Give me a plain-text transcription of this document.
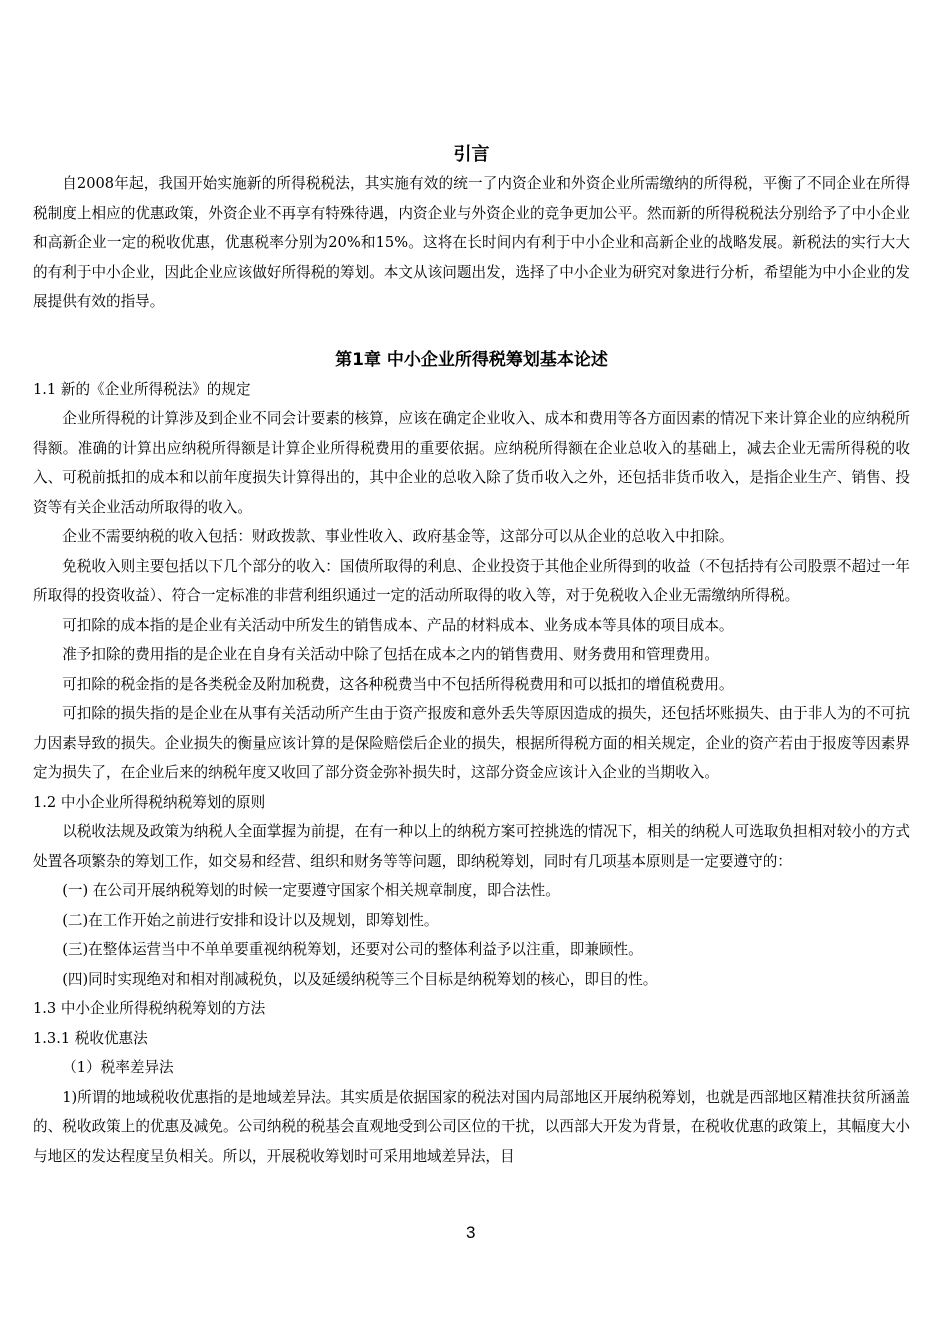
引言

自2008年起，我国开始实施新的所得税税法，其实施有效的统一了内资企业和外资企业所需缴纳的所得税，平衡了不同企业在所得税制度上相应的优惠政策，外资企业不再享有特殊待遇，内资企业与外资企业的竞争更加公平。然而新的所得税税法分别给予了中小企业和高新企业一定的税收优惠，优惠税率分别为20%和15%。这将在长时间内有利于中小企业和高新企业的战略发展。新税法的实行大大的有利于中小企业，因此企业应该做好所得税的筹划。本文从该问题出发，选择了中小企业为研究对象进行分析，希望能为中小企业的发展提供有效的指导。

第1章 中小企业所得税筹划基本论述
1.1 新的《企业所得税法》的规定

企业所得税的计算涉及到企业不同会计要素的核算，应该在确定企业收入、成本和费用等各方面因素的情况下来计算企业的应纳税所得额。准确的计算出应纳税所得额是计算企业所得税费用的重要依据。应纳税所得额在企业总收入的基础上，减去企业无需所得税的收入、可税前抵扣的成本和以前年度损失计算得出的，其中企业的总收入除了货币收入之外，还包括非货币收入，是指企业生产、销售、投资等有关企业活动所取得的收入。

企业不需要纳税的收入包括：财政拨款、事业性收入、政府基金等，这部分可以从企业的总收入中扣除。

免税收入则主要包括以下几个部分的收入：国债所取得的利息、企业投资于其他企业所得到的收益（不包括持有公司股票不超过一年所取得的投资收益）、符合一定标准的非营利组织通过一定的活动所取得的收入等，对于免税收入企业无需缴纳所得税。

可扣除的成本指的是企业有关活动中所发生的销售成本、产品的材料成本、业务成本等具体的项目成本。

准予扣除的费用指的是企业在自身有关活动中除了包括在成本之内的销售费用、财务费用和管理费用。

可扣除的税金指的是各类税金及附加税费，这各种税费当中不包括所得税费用和可以抵扣的增值税费用。

可扣除的损失指的是企业在从事有关活动所产生由于资产报废和意外丢失等原因造成的损失，还包括坏账损失、由于非人为的不可抗力因素导致的损失。企业损失的衡量应该计算的是保险赔偿后企业的损失，根据所得税方面的相关规定，企业的资产若由于报废等因素界定为损失了，在企业后来的纳税年度又收回了部分资金弥补损失时，这部分资金应该计入企业的当期收入。

1.2 中小企业所得税纳税筹划的原则

以税收法规及政策为纳税人全面掌握为前提，在有一种以上的纳税方案可控挑选的情况下，相关的纳税人可选取负担相对较小的方式处置各项繁杂的筹划工作，如交易和经营、组织和财务等等问题，即纳税筹划，同时有几项基本原则是一定要遵守的：

(一) 在公司开展纳税筹划的时候一定要遵守国家个相关规章制度，即合法性。

(二)在工作开始之前进行安排和设计以及规划，即筹划性。

(三)在整体运营当中不单单要重视纳税筹划，还要对公司的整体利益予以注重，即兼顾性。

(四)同时实现绝对和相对削减税负，以及延缓纳税等三个目标是纳税筹划的核心，即目的性。

1.3 中小企业所得税纳税筹划的方法
1.3.1 税收优惠法

（1）税率差异法

1)所谓的地域税收优惠指的是地域差异法。其实质是依据国家的税法对国内局部地区开展纳税筹划，也就是西部地区精准扶贫所涵盖的、税收政策上的优惠及减免。公司纳税的税基会直观地受到公司区位的干扰，以西部大开发为背景，在税收优惠的政策上，其幅度大小与地区的发达程度呈负相关。所以，开展税收筹划时可采用地域差异法，目

3
